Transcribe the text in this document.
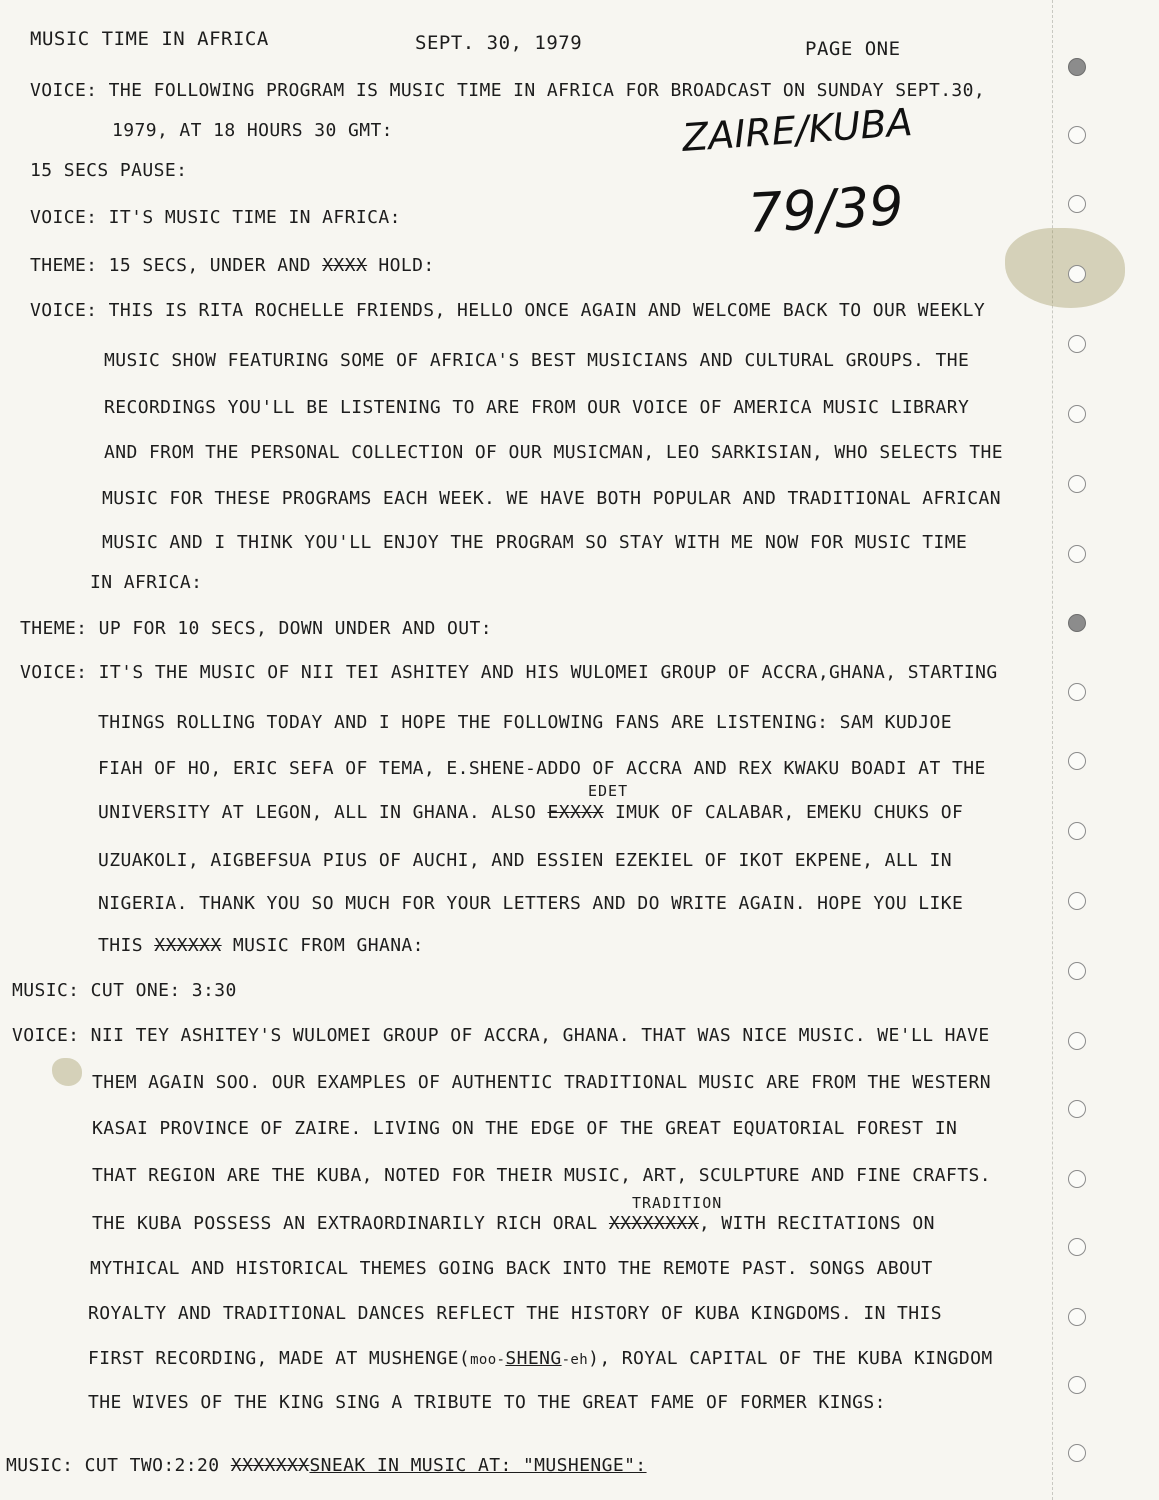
MUSIC TIME IN AFRICA	SEPT. 30, 1979	PAGE ONE
ZAIRE/KUBA
79/39
VOICE: THE FOLLOWING PROGRAM IS MUSIC TIME IN AFRICA FOR BROADCAST ON SUNDAY SEPT.30,
1979, AT 18 HOURS 30 GMT:
15 SECS PAUSE:
VOICE: IT'S MUSIC TIME IN AFRICA:
THEME: 15 SECS, UNDER AND XXXX HOLD:
VOICE: THIS IS RITA ROCHELLE FRIENDS, HELLO ONCE AGAIN AND WELCOME BACK TO OUR WEEKLY
MUSIC SHOW FEATURING SOME OF AFRICA'S BEST MUSICIANS AND CULTURAL GROUPS. THE
RECORDINGS YOU'LL BE LISTENING TO ARE FROM OUR VOICE OF AMERICA MUSIC LIBRARY
AND FROM THE PERSONAL COLLECTION OF OUR MUSICMAN, LEO SARKISIAN, WHO SELECTS THE
MUSIC FOR THESE PROGRAMS EACH WEEK. WE HAVE BOTH POPULAR AND TRADITIONAL AFRICAN
MUSIC AND I THINK YOU'LL ENJOY THE PROGRAM SO STAY WITH ME NOW FOR MUSIC TIME
IN AFRICA:
THEME: UP FOR 10 SECS, DOWN UNDER AND OUT:
VOICE: IT'S THE MUSIC OF NII TEI ASHITEY AND HIS WULOMEI GROUP OF ACCRA,GHANA, STARTING
THINGS ROLLING TODAY AND I HOPE THE FOLLOWING FANS ARE LISTENING: SAM KUDJOE
FIAH OF HO, ERIC SEFA OF TEMA, E.SHENE-ADDO OF ACCRA AND REX KWAKU BOADI AT THE
EDET
UNIVERSITY AT LEGON, ALL IN GHANA. ALSO EXXXX IMUK OF CALABAR, EMEKU CHUKS OF
UZUAKOLI, AIGBEFSUA PIUS OF AUCHI, AND ESSIEN EZEKIEL OF IKOT EKPENE, ALL IN
NIGERIA. THANK YOU SO MUCH FOR YOUR LETTERS AND DO WRITE AGAIN. HOPE YOU LIKE
THIS XXXXXX MUSIC FROM GHANA:
MUSIC: CUT ONE: 3:30
VOICE: NII TEY ASHITEY'S WULOMEI GROUP OF ACCRA, GHANA. THAT WAS NICE MUSIC. WE'LL HAVE
THEM AGAIN SOO. OUR EXAMPLES OF AUTHENTIC TRADITIONAL MUSIC ARE FROM THE WESTERN
KASAI PROVINCE OF ZAIRE. LIVING ON THE EDGE OF THE GREAT EQUATORIAL FOREST IN
THAT REGION ARE THE KUBA, NOTED FOR THEIR MUSIC, ART, SCULPTURE AND FINE CRAFTS.
TRADITION
THE KUBA POSSESS AN EXTRAORDINARILY RICH ORAL XXXXXXXX, WITH RECITATIONS ON
MYTHICAL AND HISTORICAL THEMES GOING BACK INTO THE REMOTE PAST. SONGS ABOUT
ROYALTY AND TRADITIONAL DANCES REFLECT THE HISTORY OF KUBA KINGDOMS. IN THIS
FIRST RECORDING, MADE AT MUSHENGE(moo-SHENG-eh), ROYAL CAPITAL OF THE KUBA KINGDOM
THE WIVES OF THE KING SING A TRIBUTE TO THE GREAT FAME OF FORMER KINGS:
MUSIC: CUT TWO:2:20 XXXXXXXSNEAK IN MUSIC AT: "MUSHENGE":
